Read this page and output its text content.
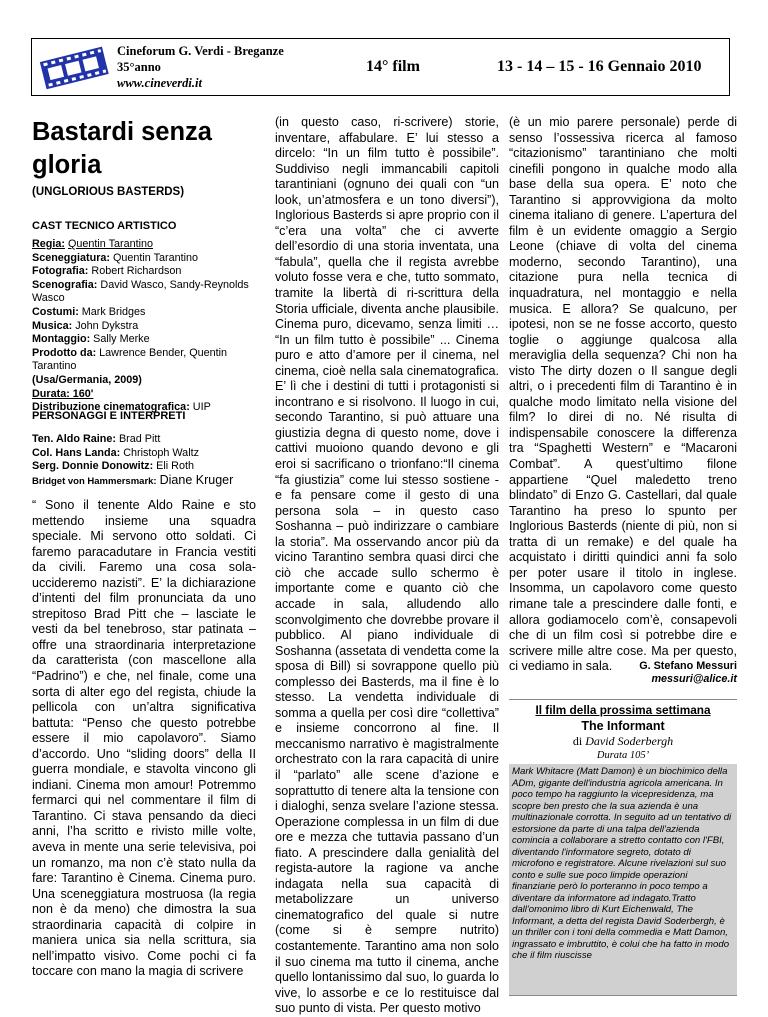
Cineforum G. Verdi - Breganze
35°anno
www.cineverdi.it
14° film	13 - 14 – 15 - 16 Gennaio 2010
Bastardi senza gloria
(UNGLORIOUS BASTERDS)
CAST TECNICO ARTISTICO
Regia: Quentin Tarantino
Sceneggiatura: Quentin Tarantino
Fotografia: Robert Richardson
Scenografia: David Wasco, Sandy-Reynolds Wasco
Costumi: Mark Bridges
Musica: John Dykstra
Montaggio: Sally Merke
Prodotto da: Lawrence Bender, Quentin Tarantino
(Usa/Germania, 2009)
Durata: 160'
Distribuzione cinematografica: UIP
PERSONAGGI E INTERPRETI
Ten. Aldo Raine: Brad Pitt
Col. Hans Landa: Christoph Waltz
Serg. Donnie Donowitz: Eli Roth
Bridget von Hammersmark: Diane Kruger
“ Sono il tenente Aldo Raine e sto mettendo insieme una squadra speciale. Mi servono otto soldati. Ci faremo paracadutare in Francia vestiti da civili. Faremo una cosa sola- uccideremo nazisti”. E’ la dichiarazione d’intenti del film pronunciata da uno strepitoso Brad Pitt che – lasciate le vesti da bel tenebroso, star patinata – offre una straordinaria interpretazione da caratterista (con mascellone alla “Padrino”) e che, nel finale, come una sorta di alter ego del regista, chiude la pellicola con un’altra significativa battuta: “Penso che questo potrebbe essere il mio capolavoro”. Siamo d’accordo. Uno “sliding doors” della II guerra mondiale, e stavolta vincono gli indiani. Cinema mon amour! Potremmo fermarci qui nel commentare il film di Tarantino. Ci stava pensando da dieci anni, l’ha scritto e rivisto mille volte, aveva in mente una serie televisiva, poi un romanzo, ma non c’è stato nulla da fare: Tarantino è Cinema. Cinema puro. Una sceneggiatura mostruosa (la regia non è da meno) che dimostra la sua straordinaria capacità di colpire in maniera unica sia nella scrittura, sia nell’impatto visivo. Come pochi ci fa toccare con mano la magia di scrivere
(in questo caso, ri-scrivere) storie, inventare, affabulare. E’ lui stesso a dircelo: “In un film tutto è possibile”. Suddiviso negli immancabili capitoli tarantiniani (ognuno dei quali con “un look, un’atmosfera e un tono diversi”), Inglorious Basterds si apre proprio con il “c’era una volta” che ci avverte dell’esordio di una storia inventata, una “fabula”, quella che il regista avrebbe voluto fosse vera e che, tutto sommato, tramite la libertà di ri-scrittura della Storia ufficiale, diventa anche plausibile. Cinema puro, dicevamo, senza limiti … “In un film tutto è possibile” ... Cinema puro e atto d’amore per il cinema, nel cinema, cioè nella sala cinematografica. E’ lì che i destini di tutti i protagonisti si incontrano e si risolvono. Il luogo in cui, secondo Tarantino, si può attuare una giustizia degna di questo nome, dove i cattivi muoiono quando devono e gli eroi si sacrificano o trionfano:“Il cinema “fa giustizia” come lui stesso sostiene - e fa pensare come il gesto di una persona sola – in questo caso Soshanna – può indirizzare o cambiare la storia”. Ma osservando ancor più da vicino Tarantino sembra quasi dirci che ciò che accade sullo schermo è importante come e quanto ciò che accade in sala, alludendo allo sconvolgimento che dovrebbe provare il pubblico. Al piano individuale di Soshanna (assetata di vendetta come la sposa di Bill) si sovrappone quello più complesso dei Basterds, ma il fine è lo stesso. La vendetta individuale di somma a quella per così dire “collettiva” e insieme concorrono al fine. Il meccanismo narrativo è magistralmente orchestrato con la rara capacità di unire il “parlato” alle scene d’azione e soprattutto di tenere alta la tensione con i dialoghi, senza svelare l’azione stessa. Operazione complessa in un film di due ore e mezza che tuttavia passano d’un fiato. A prescindere dalla genialità del regista-autore la ragione va anche indagata nella sua capacità di metabolizzare un universo cinematografico del quale si nutre (come si è sempre nutrito) costantemente. Tarantino ama non solo il suo cinema ma tutto il cinema, anche quello lontanissimo dal suo, lo guarda lo vive, lo assorbe e ce lo restituisce dal suo punto di vista. Per questo motivo
(è un mio parere personale) perde di senso l’ossessiva ricerca al famoso “citazionismo” tarantiniano che molti cinefili pongono in qualche modo alla base della sua opera. E’ noto che Tarantino si approvvigiona da molto cinema italiano di genere. L’apertura del film è un evidente omaggio a Sergio Leone (chiave di volta del cinema moderno, secondo Tarantino), una citazione pura nella tecnica di inquadratura, nel montaggio e nella musica. E allora? Se qualcuno, per ipotesi, non se ne fosse accorto, questo toglie o aggiunge qualcosa alla meraviglia della sequenza? Chi non ha visto The dirty dozen o Il sangue degli altri, o i precedenti film di Tarantino è in qualche modo limitato nella visione del film? Io direi di no. Né risulta di indispensabile conoscere la differenza tra “Spaghetti Western” e “Macaroni Combat”. A quest’ultimo filone appartiene “Quel maledetto treno blindato” di Enzo G. Castellari, dal quale Tarantino ha preso lo spunto per Inglorious Basterds (niente di più, non si tratta di un remake) e del quale ha acquistato i diritti quindici anni fa solo per poter usare il titolo in inglese. Insomma, un capolavoro come questo rimane tale a prescindere dalle fonti, e allora godiamocelo com’è, consapevoli che di un film così si potrebbe dire e scrivere mille altre cose. Ma per questo, ci vediamo in sala.	G. Stefano Messuri
messuri@alice.it
Il film della prossima settimana
The Informant
di David Soderbergh
Durata 105’
Mark Whitacre (Matt Damon) è un biochimico della ADm, gigante dell'industria agricola americana. In poco tempo ha raggiunto la vicepresidenza, ma scopre ben presto che la sua azienda è una multinazionale corrotta. In seguito ad un tentativo di estorsione da parte di una talpa dell'azienda comincia a collaborare a stretto contatto con l'FBI, diventando l'informatore segreto, dotato di microfono e registratore. Alcune rivelazioni sul suo conto e sulle sue poco limpide operazioni finanziarie però lo porteranno in poco tempo a diventare da informatore ad indagato.Tratto dall'omonimo libro di Kurt Eichenwald, The Informant, a detta del regista David Soderbergh, è un thriller con i toni della commedia e Matt Damon, ingrassato e imbruttito, è colui che ha fatto in modo che il film riuscisse
